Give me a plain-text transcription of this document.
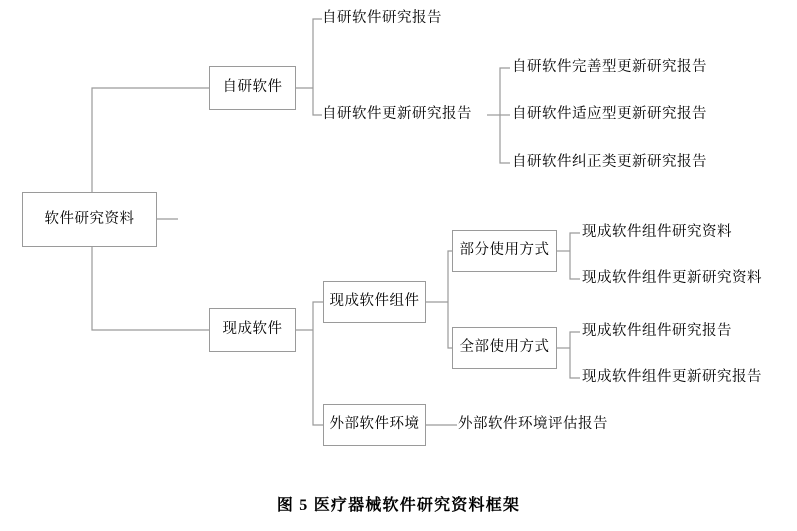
软件研究资料
自研软件
现成软件
自研软件研究报告
自研软件更新研究报告
自研软件完善型更新研究报告
自研软件适应型更新研究报告
自研软件纠正类更新研究报告
现成软件组件
外部软件环境
部分使用方式
全部使用方式
现成软件组件研究资料
现成软件组件更新研究资料
现成软件组件研究报告
现成软件组件更新研究报告
外部软件环境评估报告
图 5 医疗器械软件研究资料框架
